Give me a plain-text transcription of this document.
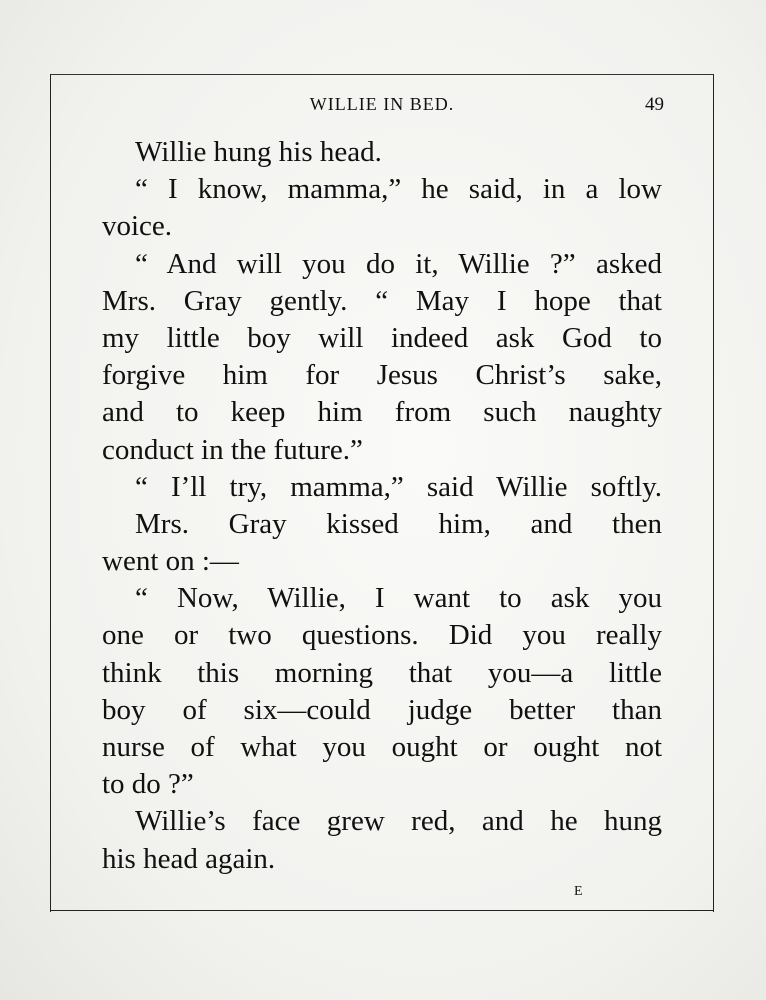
WILLIE IN BED.	49
Willie hung his head.
“ I know, mamma,” he said, in a low
voice.
“ And will you do it, Willie ?” asked
Mrs. Gray gently. “ May I hope that
my little boy will indeed ask God to
forgive him for Jesus Christ’s sake,
and to keep him from such naughty
conduct in the future.”
“ I’ll try, mamma,” said Willie softly.
Mrs. Gray kissed him, and then
went on :—
“ Now, Willie, I want to ask you
one or two questions. Did you really
think this morning that you—a little
boy of six—could judge better than
nurse of what you ought or ought not
to do ?”
Willie’s face grew red, and he hung
his head again.
E
